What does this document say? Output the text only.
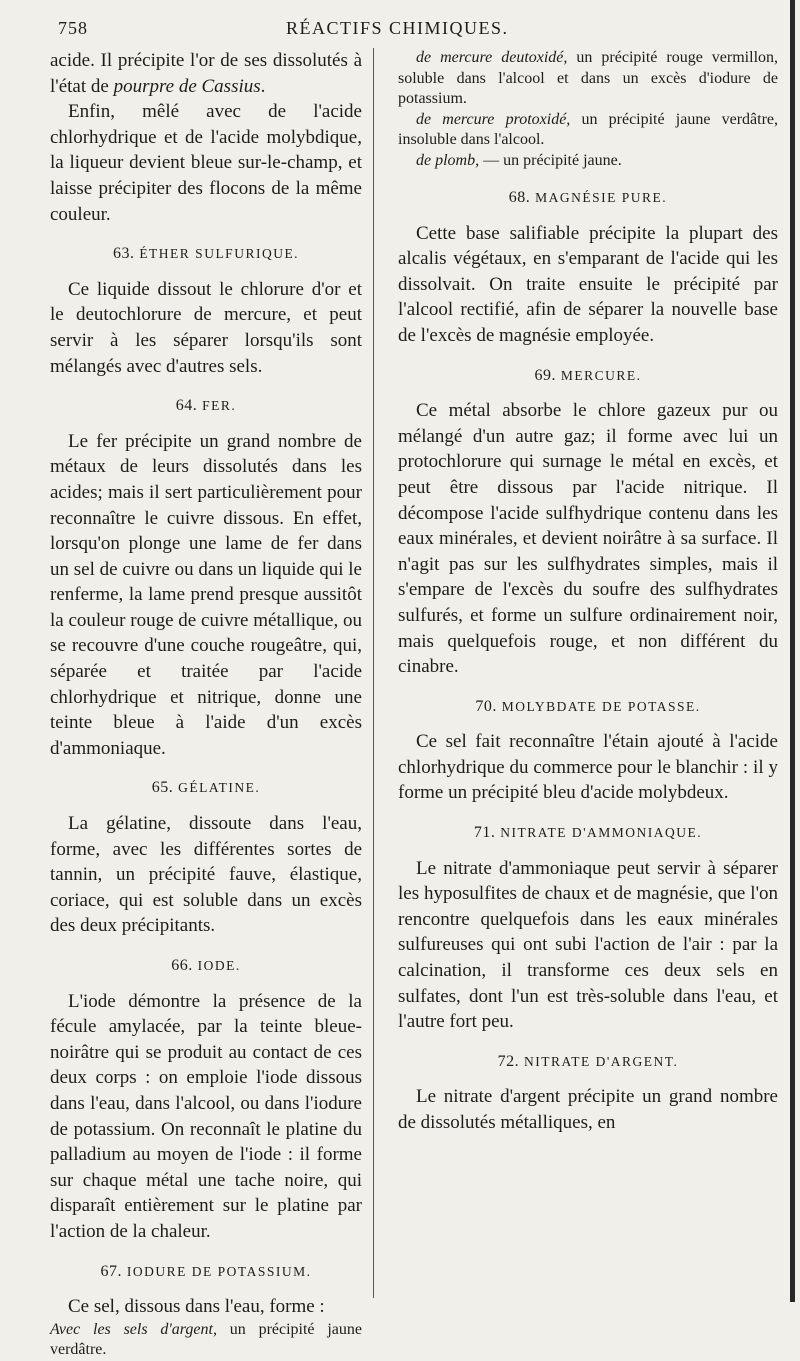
758	RÉACTIFS CHIMIQUES.

acide. Il précipite l'or de ses dissolutés à l'état de pourpre de Cassius.

Enfin, mêlé avec de l'acide chlorhydrique et de l'acide molybdique, la liqueur devient bleue sur-le-champ, et laisse précipiter des flocons de la même couleur.

63. ÉTHER SULFURIQUE.

Ce liquide dissout le chlorure d'or et le deutochlorure de mercure, et peut servir à les séparer lorsqu'ils sont mélangés avec d'autres sels.

64. FER.

Le fer précipite un grand nombre de métaux de leurs dissolutés dans les acides; mais il sert particulièrement pour reconnaître le cuivre dissous. En effet, lorsqu'on plonge une lame de fer dans un sel de cuivre ou dans un liquide qui le renferme, la lame prend presque aussitôt la couleur rouge de cuivre métallique, ou se recouvre d'une couche rougeâtre, qui, séparée et traitée par l'acide chlorhydrique et nitrique, donne une teinte bleue à l'aide d'un excès d'ammoniaque.

65. GÉLATINE.

La gélatine, dissoute dans l'eau, forme, avec les différentes sortes de tannin, un précipité fauve, élastique, coriace, qui est soluble dans un excès des deux précipitants.

66. IODE.

L'iode démontre la présence de la fécule amylacée, par la teinte bleue-noirâtre qui se produit au contact de ces deux corps : on emploie l'iode dissous dans l'eau, dans l'alcool, ou dans l'iodure de potassium. On reconnaît le platine du palladium au moyen de l'iode : il forme sur chaque métal une tache noire, qui disparaît entièrement sur le platine par l'action de la chaleur.

67. IODURE DE POTASSIUM.

Ce sel, dissous dans l'eau, forme :

Avec les sels d'argent, un précipité jaune verdâtre.

de mercure deutoxidé, un précipité rouge vermillon, soluble dans l'alcool et dans un excès d'iodure de potassium.

de mercure protoxidé, un précipité jaune verdâtre, insoluble dans l'alcool.

de plomb, — un précipité jaune.

68. MAGNÉSIE PURE.

Cette base salifiable précipite la plupart des alcalis végétaux, en s'emparant de l'acide qui les dissolvait. On traite ensuite le précipité par l'alcool rectifié, afin de séparer la nouvelle base de l'excès de magnésie employée.

69. MERCURE.

Ce métal absorbe le chlore gazeux pur ou mélangé d'un autre gaz; il forme avec lui un protochlorure qui surnage le métal en excès, et peut être dissous par l'acide nitrique. Il décompose l'acide sulfhydrique contenu dans les eaux minérales, et devient noirâtre à sa surface. Il n'agit pas sur les sulfhydrates simples, mais il s'empare de l'excès du soufre des sulfhydrates sulfurés, et forme un sulfure ordinairement noir, mais quelquefois rouge, et non différent du cinabre.

70. MOLYBDATE DE POTASSE.

Ce sel fait reconnaître l'étain ajouté à l'acide chlorhydrique du commerce pour le blanchir : il y forme un précipité bleu d'acide molybdeux.

71. NITRATE D'AMMONIAQUE.

Le nitrate d'ammoniaque peut servir à séparer les hyposulfites de chaux et de magnésie, que l'on rencontre quelquefois dans les eaux minérales sulfureuses qui ont subi l'action de l'air : par la calcination, il transforme ces deux sels en sulfates, dont l'un est très-soluble dans l'eau, et l'autre fort peu.

72. NITRATE D'ARGENT.

Le nitrate d'argent précipite un grand nombre de dissolutés métalliques, en
